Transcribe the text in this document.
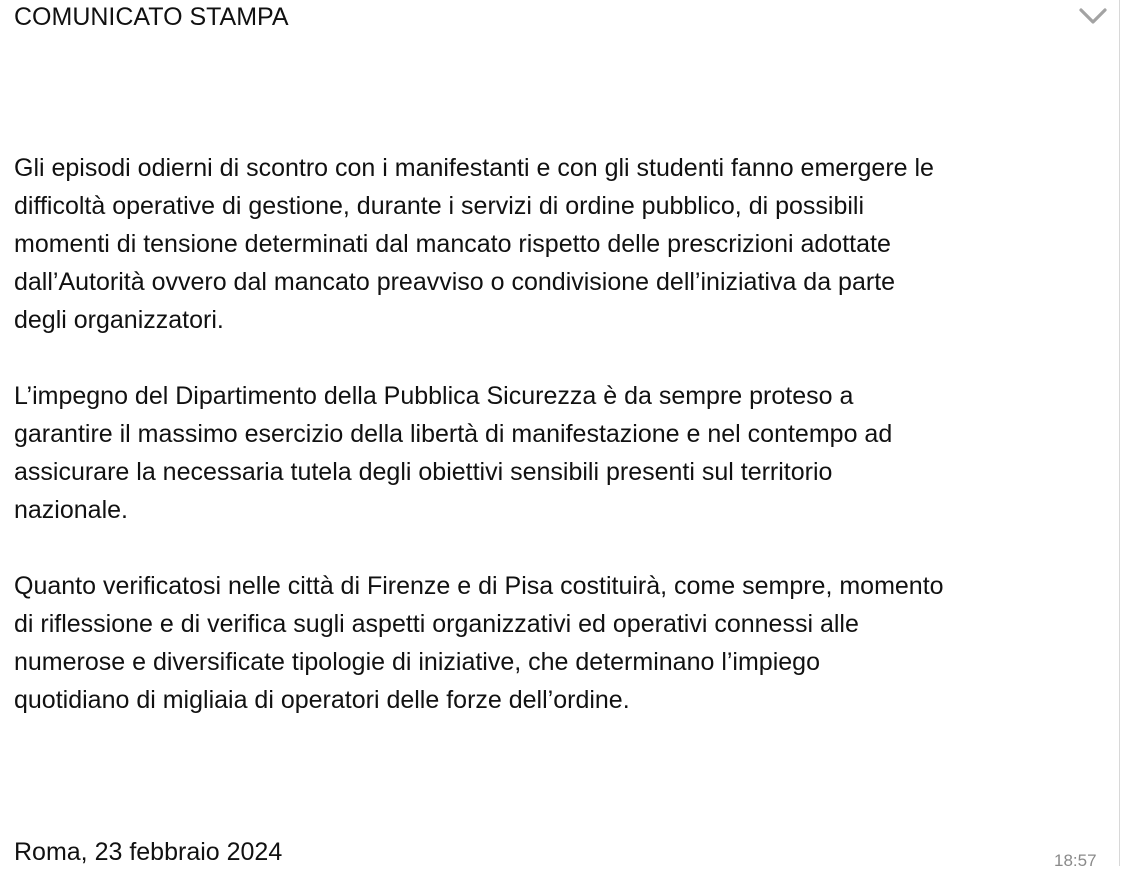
COMUNICATO STAMPA

Gli episodi odierni di scontro con i manifestanti e con gli studenti fanno emergere le
difficoltà operative di gestione, durante i servizi di ordine pubblico, di possibili
momenti di tensione determinati dal mancato rispetto delle prescrizioni adottate
dall’Autorità ovvero dal mancato preavviso o condivisione dell’iniziativa da parte
degli organizzatori.

L’impegno del Dipartimento della Pubblica Sicurezza è da sempre proteso a
garantire il massimo esercizio della libertà di manifestazione e nel contempo ad
assicurare la necessaria tutela degli obiettivi sensibili presenti sul territorio
nazionale.

Quanto verificatosi nelle città di Firenze e di Pisa costituirà, come sempre, momento
di riflessione e di verifica sugli aspetti organizzativi ed operativi connessi alle
numerose e diversificate tipologie di iniziative, che determinano l’impiego
quotidiano di migliaia di operatori delle forze dell’ordine.

Roma, 23 febbraio 2024	18:57
